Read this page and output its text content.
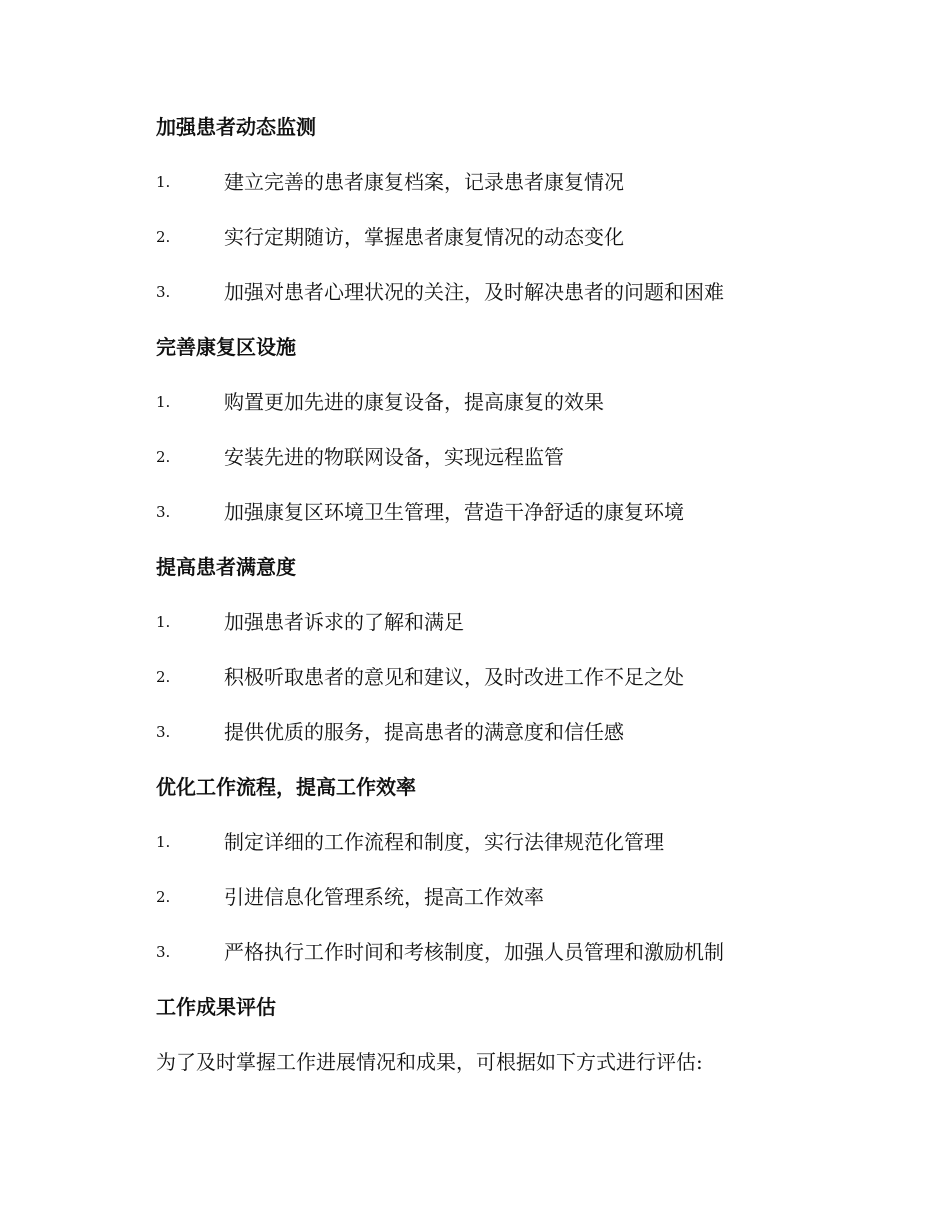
加强患者动态监测
1.	建立完善的患者康复档案，记录患者康复情况
2.	实行定期随访，掌握患者康复情况的动态变化
3.	加强对患者心理状况的关注，及时解决患者的问题和困难
完善康复区设施
1.	购置更加先进的康复设备，提高康复的效果
2.	安装先进的物联网设备，实现远程监管
3.	加强康复区环境卫生管理，营造干净舒适的康复环境
提高患者满意度
1.	加强患者诉求的了解和满足
2.	积极听取患者的意见和建议，及时改进工作不足之处
3.	提供优质的服务，提高患者的满意度和信任感
优化工作流程，提高工作效率
1.	制定详细的工作流程和制度，实行法律规范化管理
2.	引进信息化管理系统，提高工作效率
3.	严格执行工作时间和考核制度，加强人员管理和激励机制
工作成果评估
为了及时掌握工作进展情况和成果，可根据如下方式进行评估:
